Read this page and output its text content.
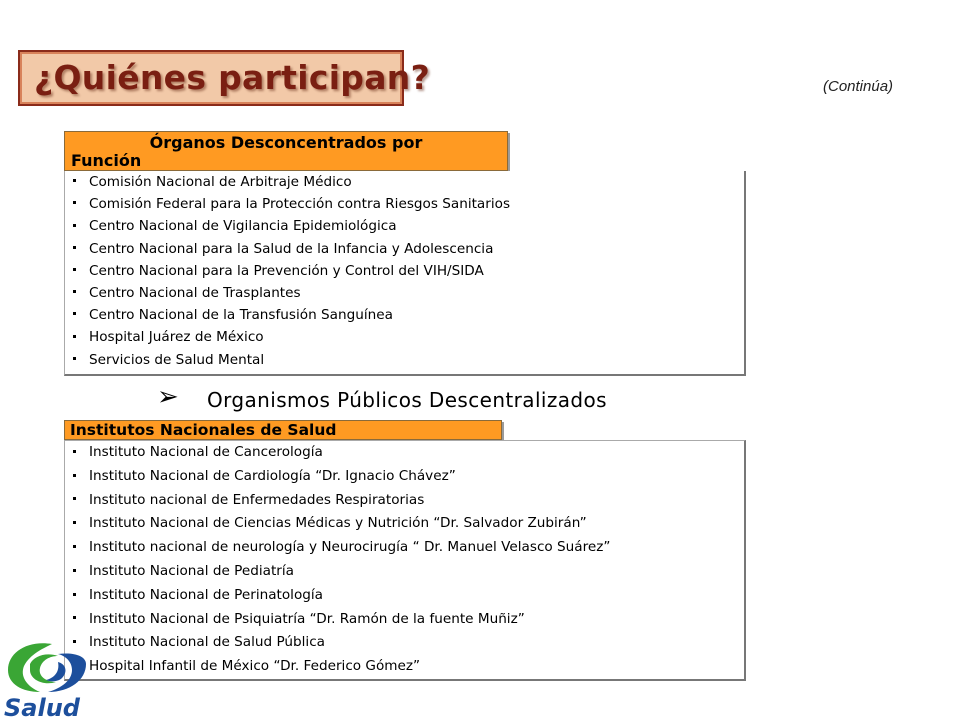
¿Quiénes participan?	(Continúa)
Órganos Desconcentrados por
Función
Comisión Nacional de Arbitraje Médico
Comisión Federal para la Protección contra Riesgos Sanitarios
Centro Nacional de Vigilancia Epidemiológica
Centro Nacional para la Salud de la Infancia y Adolescencia
Centro Nacional para la Prevención y Control del VIH/SIDA
Centro Nacional de Trasplantes
Centro Nacional de la Transfusión Sanguínea
Hospital Juárez de México
Servicios de Salud Mental
➢ Organismos Públicos Descentralizados
Institutos Nacionales de Salud
Instituto Nacional de Cancerología
Instituto Nacional de Cardiología “Dr. Ignacio Chávez”
Instituto nacional de Enfermedades Respiratorias
Instituto Nacional de Ciencias Médicas y Nutrición “Dr. Salvador Zubirán”
Instituto nacional de neurología y Neurocirugía “ Dr. Manuel Velasco Suárez”
Instituto Nacional de Pediatría
Instituto Nacional de Perinatología
Instituto Nacional de Psiquiatría “Dr. Ramón de la fuente Muñiz”
Instituto Nacional de Salud Pública
Hospital Infantil de México “Dr. Federico Gómez”
Salud
